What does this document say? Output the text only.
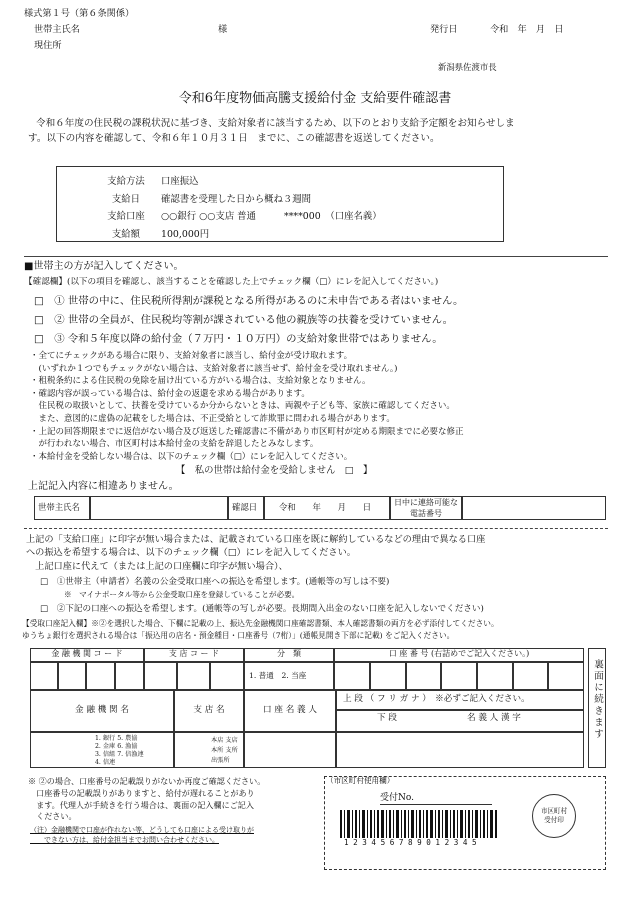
様式第１号（第６条関係）
世帯主氏名	様	発行日	令和　年　月　日
現住所
新潟県佐渡市長
令和6年度物価高騰支援給付金 支給要件確認書
令和６年度の住民税の課税状況に基づき、支給対象者に該当するため、以下のとおり支給予定額をお知らせしま
す。以下の内容を確認して、令和６年１０月３１日　までに、この確認書を返送してください。
支給方法 口座振込
支給日 確認書を受理した日から概ね３週間
支給口座 ○○銀行 ○○支店 普通　　　****000　（口座名義）
支給額 100,000円
■世帯主の方が記入してください。
【確認欄】(以下の項目を確認し、該当することを確認した上でチェック欄（□）にレを記入してください。)
□　① 世帯の中に、住民税所得割が課税となる所得があるのに未申告である者はいません。
□　② 世帯の全員が、住民税均等割が課されている他の親族等の扶養を受けていません。
□　③ 令和５年度以降の給付金（７万円・１０万円）の支給対象世帯ではありません。
・全てにチェックがある場合に限り、支給対象者に該当し、給付金が受け取れます。
　(いずれか１つでもチェックがない場合は、支給対象者に該当せず、給付金を受け取れません。)
・租税条約による住民税の免除を届け出ている方がいる場合は、支給対象となりません。
・確認内容が誤っている場合は、給付金の返還を求める場合があります。
　住民税の取扱いとして、扶養を受けているか分からないときは、両親や子ども等、家族に確認してください。
　また、意図的に虚偽の記載をした場合は、不正受給として詐欺罪に問われる場合があります。
・上記の回答期限までに返信がない場合及び返送した確認書に不備があり市区町村が定める期限までに必要な修正
　が行われない場合、市区町村は本給付金の支給を辞退したとみなします。
・本給付金を受給しない場合は、以下のチェック欄（□）にレを記入してください。
【　私の世帯は給付金を受給しません　□　】
上記記入内容に相違ありません。
世帯主氏名	確認日	令和　　年　　月　　日	日中に連絡可能な
電話番号
上記の「支給口座」に印字が無い場合または、記載されている口座を既に解約しているなどの理由で異なる口座
への振込を希望する場合は、以下のチェック欄（□）にレを記入してください。
　上記口座に代えて（または上記の口座欄に印字が無い場合）、
□　①世帯主（申請者）名義の公金受取口座への振込を希望します。(通帳等の写しは不要)
※　マイナポータル等から公金受取口座を登録していることが必要。
□　②下記の口座への振込を希望します。(通帳等の写しが必要。長期間入出金のない口座を記入しないでください)
【受取口座記入欄】※②を選択した場合、下欄に記載の上、振込先金融機関口座確認書類、本人確認書類の両方を必ず添付してください。
ゆうちょ銀行を選択される場合は「振込用の店名・預金種目・口座番号（7桁）」(通帳見開き下部に記載) をご記入ください。
金 融 機 関 コ ー ド	支 店 コ ー ド	分　類	口 座 番 号 (右詰めでご記入ください。)
1. 普通　2. 当座
金 融 機 関 名	支 店 名	口 座 名 義 人
上 段 （ フ リ ガ ナ ）　※必ずご記入ください。
下 段	名 義 人 漢 字
1. 銀行 5. 農協
2. 金庫 6. 漁協
3. 信組 7. 信漁連
4. 信連
本店 支店
本所 支所
出張所
裏面に続きます
※ ②の場合、口座番号の記載誤りがないか再度ご確認ください。
　口座番号の記載誤りがありますと、給付が遅れることがあり
　ます。代理人が手続きを行う場合は、裏面の記入欄にご記入
　ください。
（注）金融機関で口座が作れない等、どうしても口座による受け取りが
　　できない方は、給付金担当までお問い合わせください。
（市区町村使用欄）
受付No.
1 2 3 4 5 6 7 8 9 0 1 2 3 4 5
市区町村
受付印
